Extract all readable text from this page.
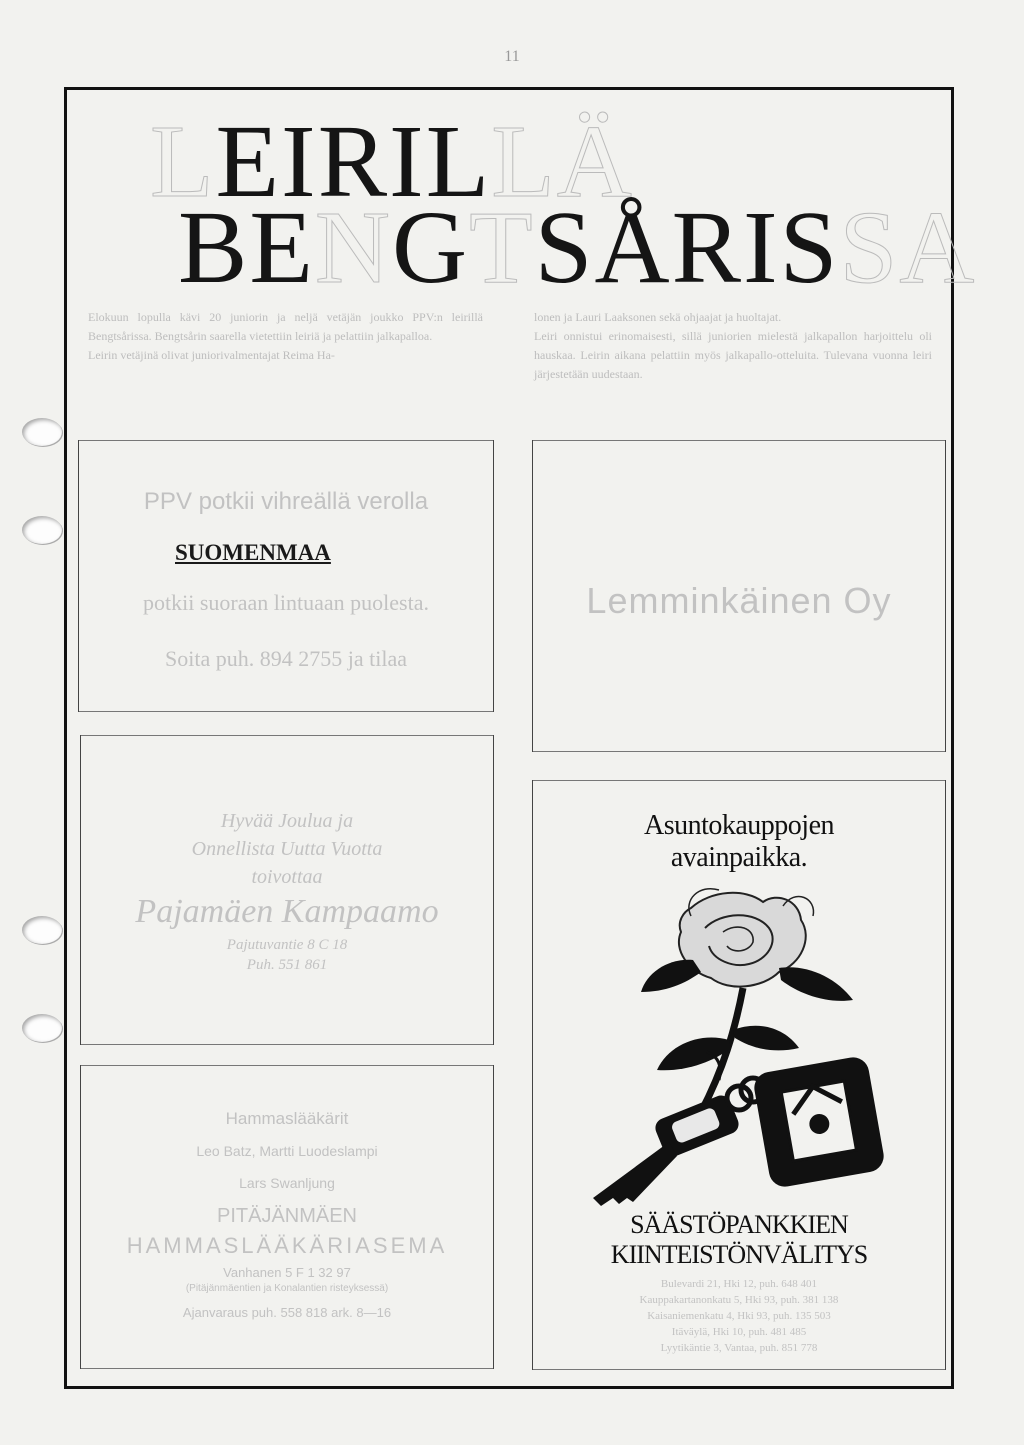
11
LEIRILLÄ
BENGTSÅRISSA
Elokuun lopulla kävi 20 juniorin ja neljä vetäjän joukko PPV:n leirillä Bengtsårissa. Bengtsårin saarella vietettiin leiriä ja pelattiin jalkapalloa.
Leirin vetäjinä olivat juniorivalmentajat Reima Ha-
lonen ja Lauri Laaksonen sekä ohjaajat ja huoltajat.
Leiri onnistui erinomaisesti, sillä juniorien mielestä jalkapallon harjoittelu oli hauskaa. Leirin aikana pelattiin myös jalkapallo-otteluita. Tulevana vuonna leiri järjestetään uudestaan.
PPV potkii vihreällä verolla
SUOMENMAA
potkii suoraan lintuaan puolesta.
Soita puh. 894 2755 ja tilaa
Lemminkäinen Oy
Hyvää Joulua ja
Onnellista Uutta Vuotta
toivottaa
Pajamäen Kampaamo
Pajutuvantie 8 C 18
Puh. 551 861
Hammaslääkärit
Leo Batz, Martti Luodeslampi
Lars Swanljung
PITÄJÄNMÄEN
HAMMASLÄÄKÄRIASEMA
Vanhanen 5 F 1 32 97
(Pitäjänmäentien ja Konalantien risteyksessä)
Ajanvaraus puh. 558 818 ark. 8—16
Asuntokauppojen
avainpaikka.
SÄÄSTÖPANKKIEN
KIINTEISTÖNVÄLITYS
Bulevardi 21, Hki 12, puh. 648 401
Kauppakartanonkatu 5, Hki 93, puh. 381 138
Kaisaniemenkatu 4, Hki 93, puh. 135 503
Itäväylä, Hki 10, puh. 481 485
Lyytikäntie 3, Vantaa, puh. 851 778
